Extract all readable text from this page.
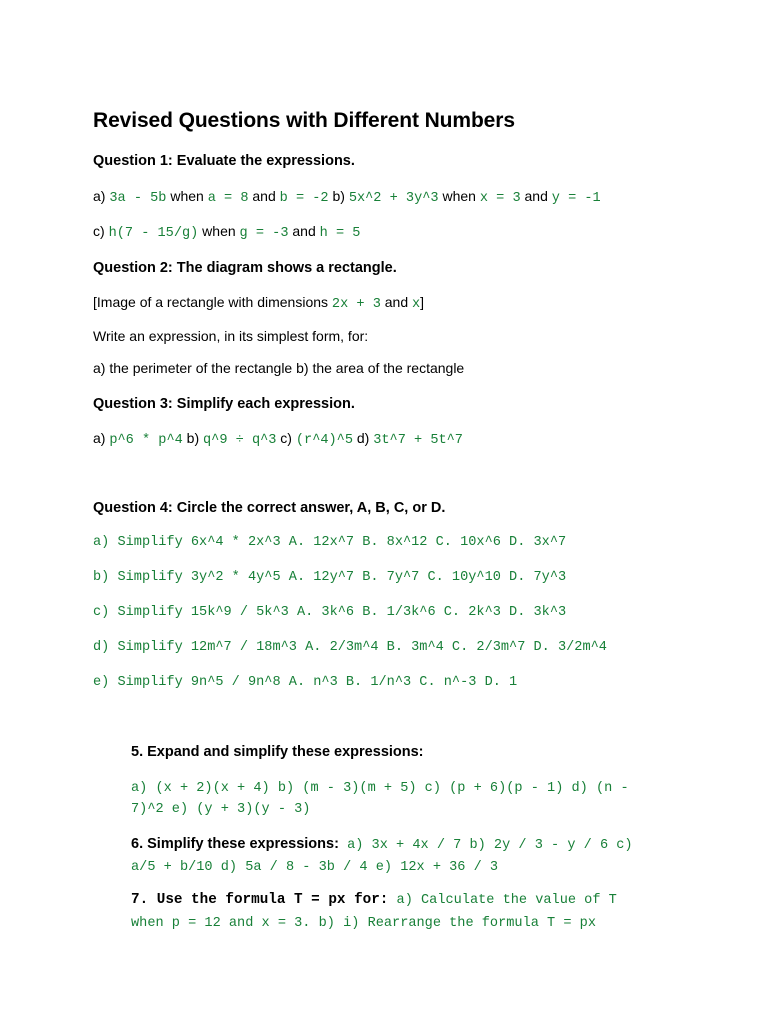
Revised Questions with Different Numbers
Question 1: Evaluate the expressions.
a) 3a - 5b when a = 8 and b = -2 b) 5x^2 + 3y^3 when x = 3 and y = -1
c) h(7 - 15/g) when g = -3 and h = 5
Question 2: The diagram shows a rectangle.
[Image of a rectangle with dimensions 2x + 3 and x]
Write an expression, in its simplest form, for:
a) the perimeter of the rectangle b) the area of the rectangle
Question 3: Simplify each expression.
a) p^6 * p^4 b) q^9 ÷ q^3 c) (r^4)^5 d) 3t^7 + 5t^7
Question 4: Circle the correct answer, A, B, C, or D.
a) Simplify 6x^4 * 2x^3 A. 12x^7 B. 8x^12 C. 10x^6 D. 3x^7
b) Simplify 3y^2 * 4y^5 A. 12y^7 B. 7y^7 C. 10y^10 D. 7y^3
c) Simplify 15k^9 / 5k^3 A. 3k^6 B. 1/3k^6 C. 2k^3 D. 3k^3
d) Simplify 12m^7 / 18m^3 A. 2/3m^4 B. 3m^4 C. 2/3m^7 D. 3/2m^4
e) Simplify 9n^5 / 9n^8 A. n^3 B. 1/n^3 C. n^-3 D. 1
5. Expand and simplify these expressions:
a) (x + 2)(x + 4) b) (m - 3)(m + 5) c) (p + 6)(p - 1) d) (n - 7)^2 e) (y + 3)(y - 3)
6. Simplify these expressions: a) 3x + 4x / 7 b) 2y / 3 - y / 6 c) a/5 + b/10 d) 5a / 8 - 3b / 4 e) 12x + 36 / 3
7. Use the formula T = px for: a) Calculate the value of T when p = 12 and x = 3. b) i) Rearrange the formula T = px
